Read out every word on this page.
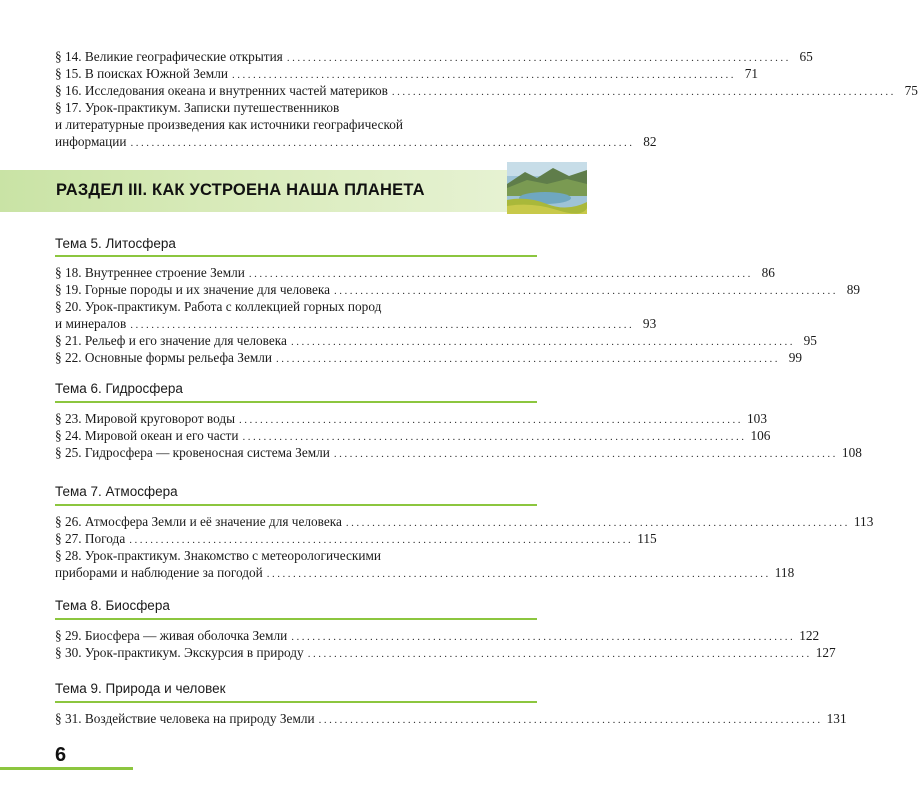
§ 14. Великие географические открытия ................................................................................................ 65
§ 15. В поисках Южной Земли ................................................................................................ 71
§ 16. Исследования океана и внутренних частей материков ................................................................................................ 75
§ 17. Урок-практикум. Записки путешественников
и литературные произведения как источники географической
информации ................................................................................................ 82
РАЗДЕЛ III. КАК УСТРОЕНА НАША ПЛАНЕТА
Тема 5. Литосфера
§ 18. Внутреннее строение Земли ................................................................................................ 86
§ 19. Горные породы и их значение для человека ................................................................................................ 89
§ 20. Урок-практикум. Работа с коллекцией горных пород
и минералов ................................................................................................ 93
§ 21. Рельеф и его значение для человека ................................................................................................ 95
§ 22. Основные формы рельефа Земли ................................................................................................ 99
Тема 6. Гидросфера
§ 23. Мировой круговорот воды ................................................................................................ 103
§ 24. Мировой океан и его части ................................................................................................ 106
§ 25. Гидросфера — кровеносная система Земли ................................................................................................ 108
Тема 7. Атмосфера
§ 26. Атмосфера Земли и её значение для человека ................................................................................................ 113
§ 27. Погода ................................................................................................ 115
§ 28. Урок-практикум. Знакомство с метеорологическими
приборами и наблюдение за погодой ................................................................................................ 118
Тема 8. Биосфера
§ 29. Биосфера — живая оболочка Земли ................................................................................................ 122
§ 30. Урок-практикум. Экскурсия в природу ................................................................................................ 127
Тема 9. Природа и человек
§ 31. Воздействие человека на природу Земли ................................................................................................ 131
6
